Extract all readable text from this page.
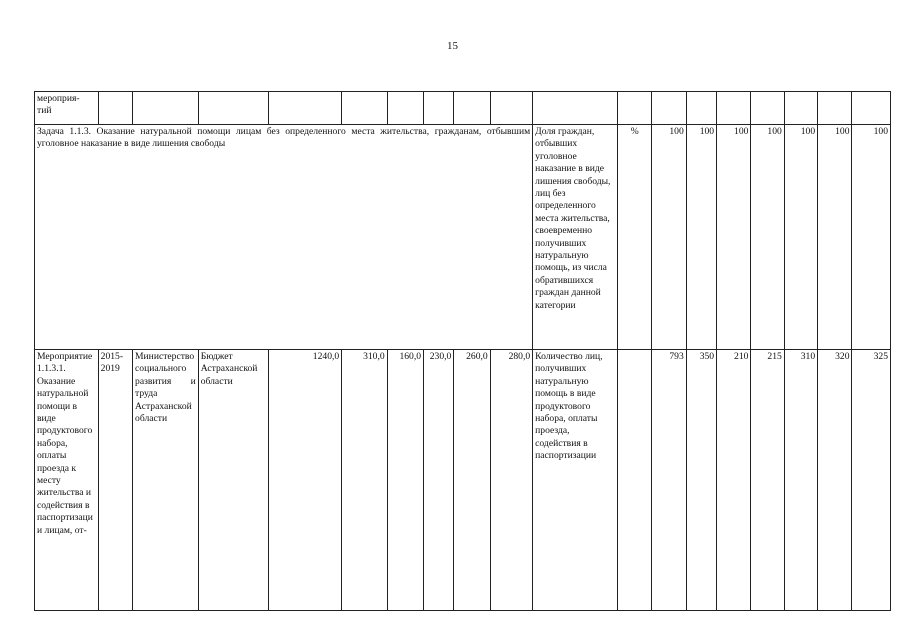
15
мероприя-
тий																		

Задача 1.1.3. Оказание натуральной помощи лицам без определенного места жительства, гражданам, отбывшим уголовное наказание в виде лишения свободы										Доля граждан, отбывших уголовное наказание в виде лишения свободы, лиц без определенного места жительства, своевременно получивших натуральную помощь, из числа обратившихся граждан данной категории	%	100	100	100	100	100	100	100
Мероприятие 1.1.3.1. Оказание натуральной помощи в виде продуктового набора, оплаты проезда к месту жительства и содействия в паспортизации лицам, от-	2015-2019	Министерство социального развития и труда Астраханской области	Бюджет Астраханской области	1240,0	310,0	160,0	230,0	260,0	280,0	Количество лиц, получивших натуральную помощь в виде продуктового набора, оплаты проезда, содействия в паспортизации		793	350	210	215	310	320	325
